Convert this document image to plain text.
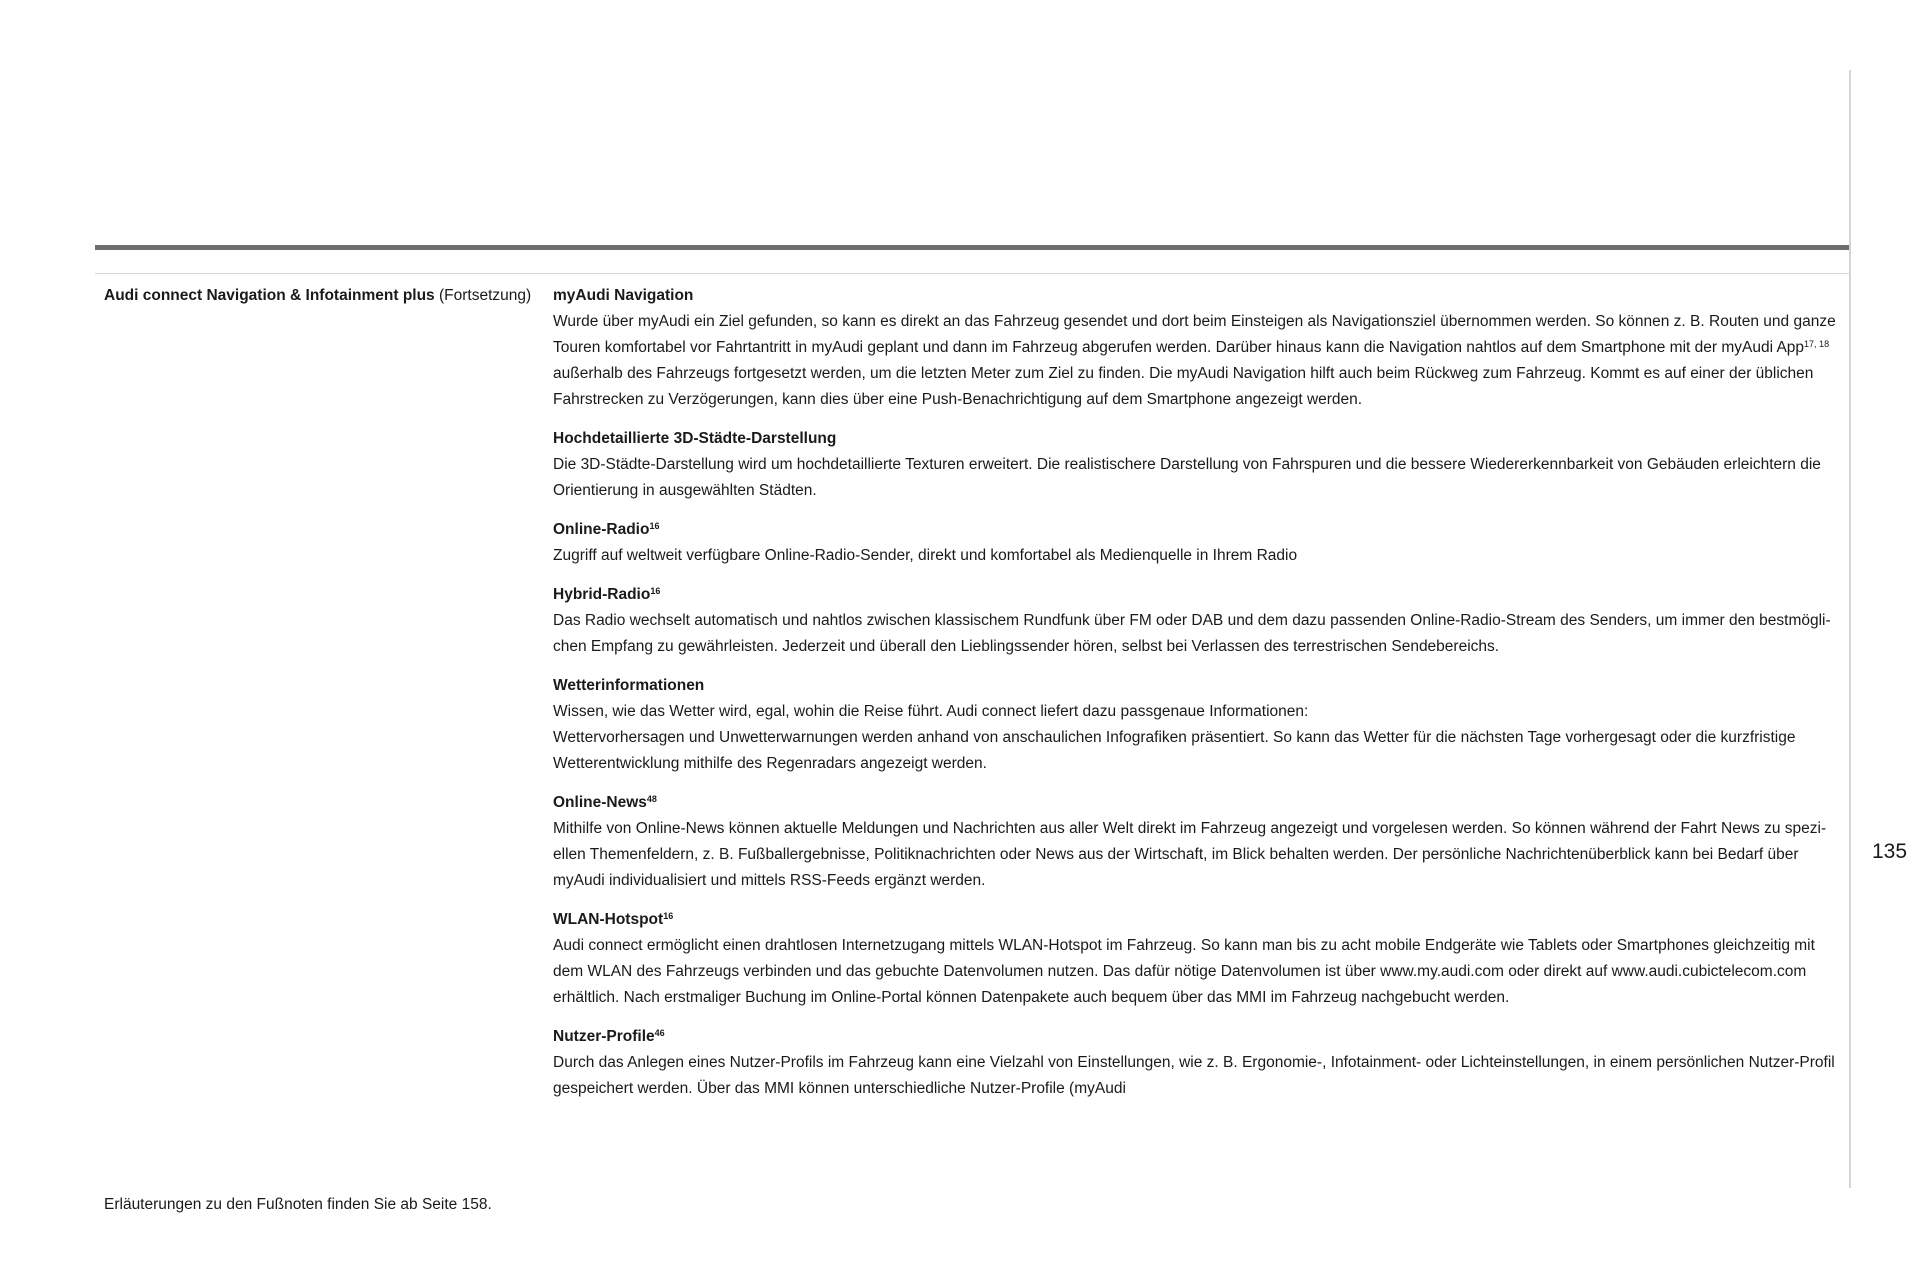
Audi connect Navigation & Infotainment plus (Fortsetzung)	myAudi Navigation

Wurde über myAudi ein Ziel gefunden, so kann es direkt an das Fahrzeug gesendet und dort beim Einsteigen als Navigationsziel übernommen werden. So können z. B. Routen und ganze Touren komfortabel vor Fahrtantritt in myAudi geplant und dann im Fahrzeug abgerufen werden. Darüber hinaus kann die Navigation nahtlos auf dem Smartphone mit der myAudi App$^{17, 18}$ außerhalb des Fahrzeugs fortgesetzt werden, um die letzten Meter zum Ziel zu finden. Die myAudi Navigation hilft auch beim Rückweg zum Fahrzeug. Kommt es auf einer der üblichen Fahrstrecken zu Verzögerungen, kann dies über eine Push-Benachrichtigung auf dem Smartphone angezeigt werden.

Hochdetaillierte 3D-Städte-Darstellung

Die 3D-Städte-Darstellung wird um hochdetaillierte Texturen erweitert. Die realistischere Darstellung von Fahrspuren und die bessere Wiedererkennbarkeit von Gebäuden erleichtern die Orientierung in ausgewählten Städten.

Online-Radio$^{16}$

Zugriff auf weltweit verfügbare Online-Radio-Sender, direkt und komfortabel als Medienquelle in Ihrem Radio

Hybrid-Radio$^{16}$

Das Radio wechselt automatisch und nahtlos zwischen klassischem Rundfunk über FM oder DAB und dem dazu passenden Online-Radio-Stream des Senders, um immer den bestmöglichen Empfang zu gewährleisten. Jederzeit und überall den Lieblingssender hören, selbst bei Verlassen des terrestrischen Sendebereichs.

Wetterinformationen

Wissen, wie das Wetter wird, egal, wohin die Reise führt. Audi connect liefert dazu passgenaue Informationen:

Wettervorhersagen und Unwetterwarnungen werden anhand von anschaulichen Infografiken präsentiert. So kann das Wetter für die nächsten Tage vorhergesagt oder die kurzfristige Wetterentwicklung mithilfe des Regenradars angezeigt werden.

Online-News$^{48}$

Mithilfe von Online-News können aktuelle Meldungen und Nachrichten aus aller Welt direkt im Fahrzeug angezeigt und vorgelesen werden. So können während der Fahrt News zu speziellen Themenfeldern, z. B. Fußballergebnisse, Politiknachrichten oder News aus der Wirtschaft, im Blick behalten werden. Der persönliche Nachrichtenüberblick kann bei Bedarf über myAudi individualisiert und mittels RSS-Feeds ergänzt werden.

WLAN-Hotspot$^{16}$

Audi connect ermöglicht einen drahtlosen Internetzugang mittels WLAN-Hotspot im Fahrzeug. So kann man bis zu acht mobile Endgeräte wie Tablets oder Smartphones gleichzeitig mit dem WLAN des Fahrzeugs verbinden und das gebuchte Datenvolumen nutzen. Das dafür nötige Datenvolumen ist über www.my.audi.com oder direkt auf www.audi.cubictelecom.com erhältlich. Nach erstmaliger Buchung im Online-Portal können Datenpakete auch bequem über das MMI im Fahrzeug nachgebucht werden.

Nutzer-Profile$^{46}$

Durch das Anlegen eines Nutzer-Profils im Fahrzeug kann eine Vielzahl von Einstellungen, wie z. B. Ergonomie-, Infotainment- oder Lichteinstellungen, in einem persönlichen Nutzer-Profil gespeichert werden. Über das MMI können unterschiedliche Nutzer-Profile (myAudi

135
Erläuterungen zu den Fußnoten finden Sie ab Seite 158.
